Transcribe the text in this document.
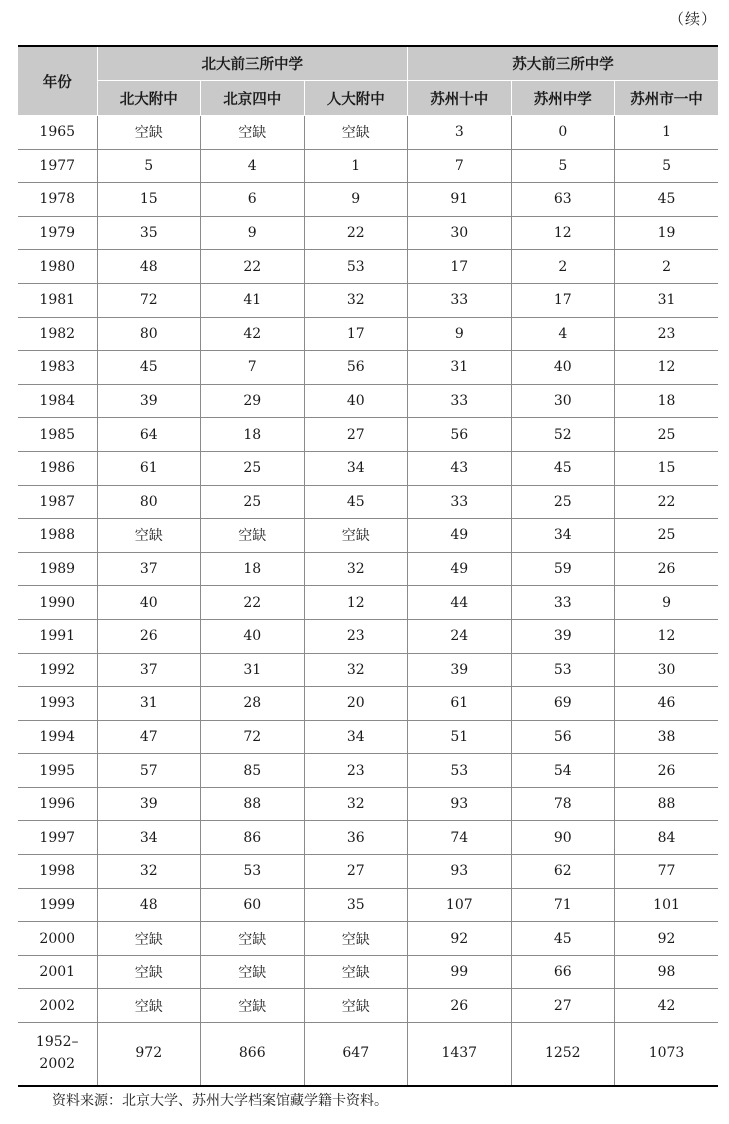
（续）
年份	北大前三所中学			苏大前三所中学		
	北大附中	北京四中	人大附中	苏州十中	苏州中学	苏州市一中
1965	空缺	空缺	空缺	3	0	1
1977	5	4	1	7	5	5
1978	15	6	9	91	63	45
1979	35	9	22	30	12	19
1980	48	22	53	17	2	2
1981	72	41	32	33	17	31
1982	80	42	17	9	4	23
1983	45	7	56	31	40	12
1984	39	29	40	33	30	18
1985	64	18	27	56	52	25
1986	61	25	34	43	45	15
1987	80	25	45	33	25	22
1988	空缺	空缺	空缺	49	34	25
1989	37	18	32	49	59	26
1990	40	22	12	44	33	9
1991	26	40	23	24	39	12
1992	37	31	32	39	53	30
1993	31	28	20	61	69	46
1994	47	72	34	51	56	38
1995	57	85	23	53	54	26
1996	39	88	32	93	78	88
1997	34	86	36	74	90	84
1998	32	53	27	93	62	77
1999	48	60	35	107	71	101
2000	空缺	空缺	空缺	92	45	92
2001	空缺	空缺	空缺	99	66	98
2002	空缺	空缺	空缺	26	27	42
1952–
2002	972	866	647	1437	1252	1073
资料来源：北京大学、苏州大学档案馆藏学籍卡资料。
